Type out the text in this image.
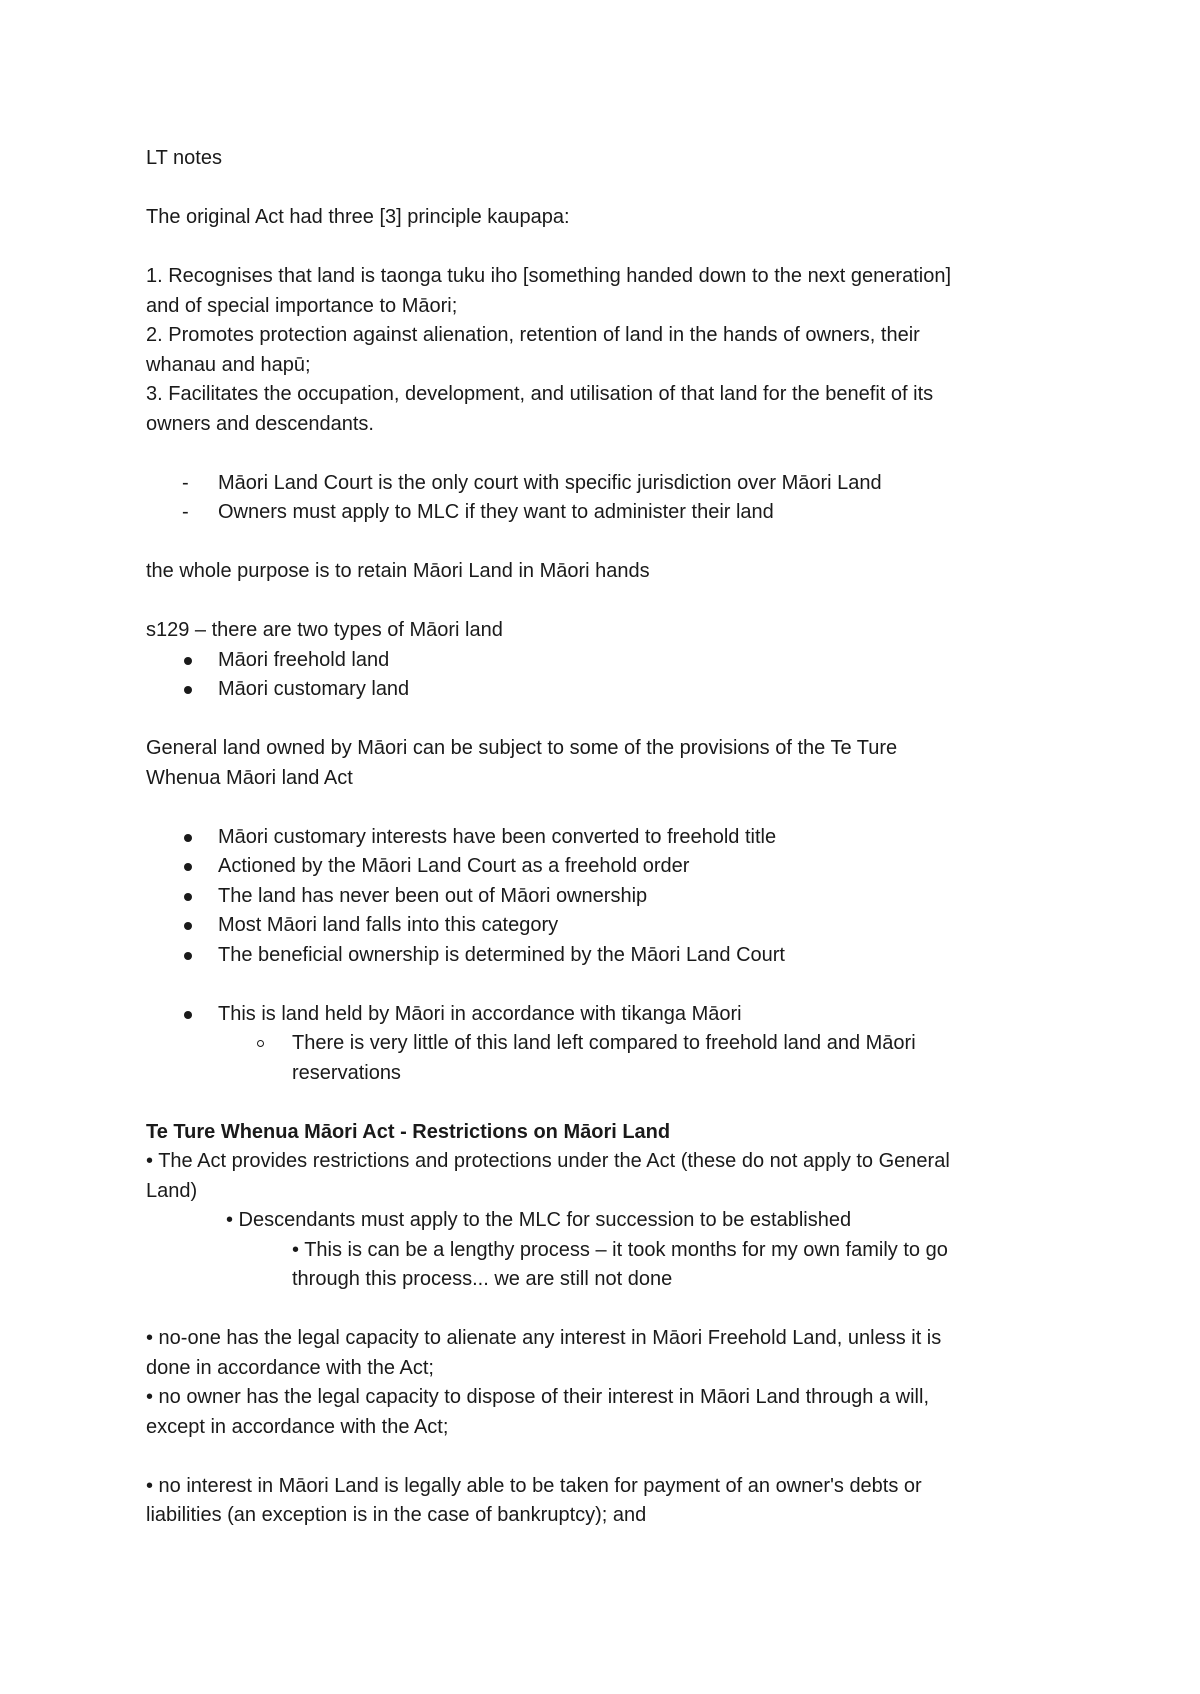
LT notes
The original Act had three [3] principle kaupapa:
1. Recognises that land is taonga tuku iho [something handed down to the next generation]
and of special importance to Māori;
2. Promotes protection against alienation, retention of land in the hands of owners, their
whanau and hapū;
3. Facilitates the occupation, development, and utilisation of that land for the benefit of its
owners and descendants.
- Māori Land Court is the only court with specific jurisdiction over Māori Land
- Owners must apply to MLC if they want to administer their land
the whole purpose is to retain Māori Land in Māori hands
s129 – there are two types of Māori land
Māori freehold land
Māori customary land
General land owned by Māori can be subject to some of the provisions of the Te Ture
Whenua Māori land Act
Māori customary interests have been converted to freehold title
Actioned by the Māori Land Court as a freehold order
The land has never been out of Māori ownership
Most Māori land falls into this category
The beneficial ownership is determined by the Māori Land Court
This is land held by Māori in accordance with tikanga Māori
There is very little of this land left compared to freehold land and Māori
reservations
Te Ture Whenua Māori Act - Restrictions on Māori Land
• The Act provides restrictions and protections under the Act (these do not apply to General
Land)
• Descendants must apply to the MLC for succession to be established
• This is can be a lengthy process – it took months for my own family to go
through this process... we are still not done
• no-one has the legal capacity to alienate any interest in Māori Freehold Land, unless it is
done in accordance with the Act;
• no owner has the legal capacity to dispose of their interest in Māori Land through a will,
except in accordance with the Act;
• no interest in Māori Land is legally able to be taken for payment of an owner's debts or
liabilities (an exception is in the case of bankruptcy); and
